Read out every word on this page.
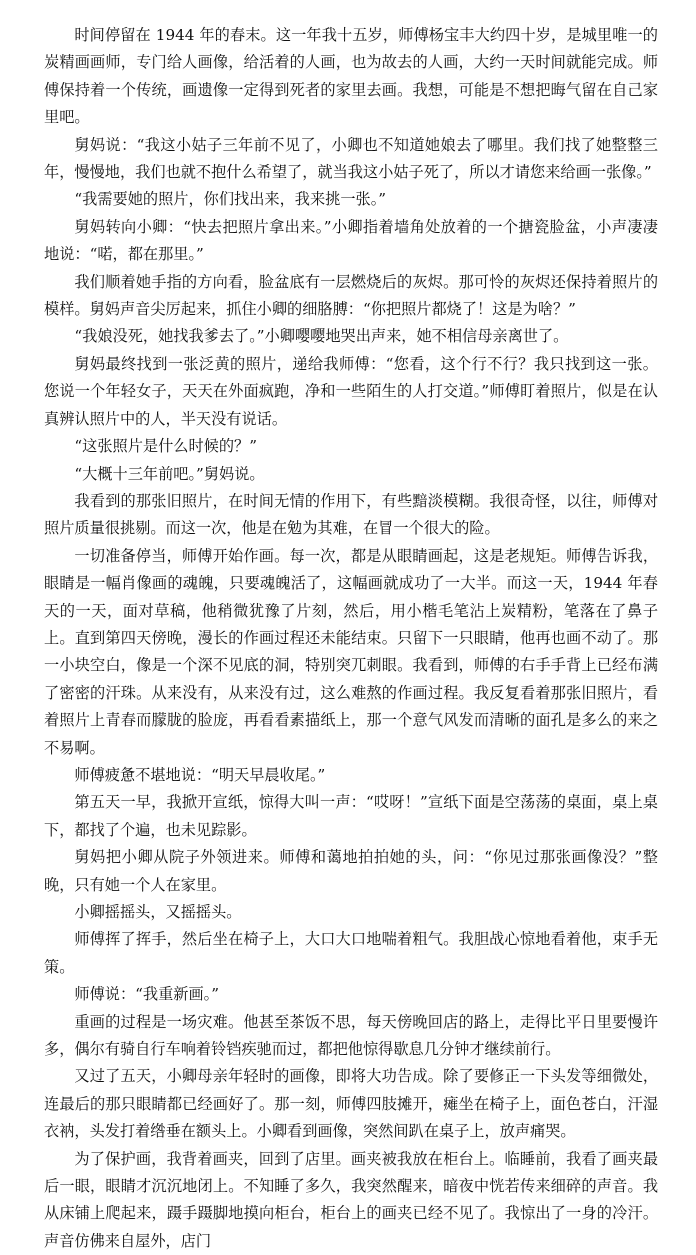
时间停留在 1944 年的春末。这一年我十五岁，师傅杨宝丰大约四十岁，是城里唯一的炭精画画师，专门给人画像，给活着的人画，也为故去的人画，大约一天时间就能完成。师傅保持着一个传统，画遗像一定得到死者的家里去画。我想，可能是不想把晦气留在自己家里吧。

舅妈说：“我这小姑子三年前不见了，小卿也不知道她娘去了哪里。我们找了她整整三年，慢慢地，我们也就不抱什么希望了，就当我这小姑子死了，所以才请您来给画一张像。”

“我需要她的照片，你们找出来，我来挑一张。”

舅妈转向小卿：“快去把照片拿出来。”小卿指着墙角处放着的一个搪瓷脸盆，小声凄凄地说：“喏，都在那里。”

我们顺着她手指的方向看，脸盆底有一层燃烧后的灰烬。那可怜的灰烬还保持着照片的模样。舅妈声音尖厉起来，抓住小卿的细胳膊：“你把照片都烧了！这是为啥？”

“我娘没死，她找我爹去了。”小卿嘤嘤地哭出声来，她不相信母亲离世了。

舅妈最终找到一张泛黄的照片，递给我师傅：“您看，这个行不行？我只找到这一张。您说一个年轻女子，天天在外面疯跑，净和一些陌生的人打交道。”师傅盯着照片，似是在认真辨认照片中的人，半天没有说话。

“这张照片是什么时候的？”

“大概十三年前吧。”舅妈说。

我看到的那张旧照片，在时间无情的作用下，有些黯淡模糊。我很奇怪，以往，师傅对照片质量很挑剔。而这一次，他是在勉为其难，在冒一个很大的险。

一切准备停当，师傅开始作画。每一次，都是从眼睛画起，这是老规矩。师傅告诉我，眼睛是一幅肖像画的魂魄，只要魂魄活了，这幅画就成功了一大半。而这一天，1944 年春天的一天，面对草稿，他稍微犹豫了片刻，然后，用小楷毛笔沾上炭精粉，笔落在了鼻子上。直到第四天傍晚，漫长的作画过程还未能结束。只留下一只眼睛，他再也画不动了。那一小块空白，像是一个深不见底的洞，特别突兀刺眼。我看到，师傅的右手手背上已经布满了密密的汗珠。从来没有，从来没有过，这么难熬的作画过程。我反复看着那张旧照片，看着照片上青春而朦胧的脸庞，再看看素描纸上，那一个意气风发而清晰的面孔是多么的来之不易啊。

师傅疲惫不堪地说：“明天早晨收尾。”

第五天一早，我掀开宣纸，惊得大叫一声：“哎呀！”宣纸下面是空荡荡的桌面，桌上桌下，都找了个遍，也未见踪影。

舅妈把小卿从院子外领进来。师傅和蔼地拍拍她的头，问：“你见过那张画像没？”整晚，只有她一个人在家里。

小卿摇摇头，又摇摇头。

师傅挥了挥手，然后坐在椅子上，大口大口地喘着粗气。我胆战心惊地看着他，束手无策。

师傅说：“我重新画。”

重画的过程是一场灾难。他甚至茶饭不思，每天傍晚回店的路上，走得比平日里要慢许多，偶尔有骑自行车响着铃铛疾驰而过，都把他惊得歇息几分钟才继续前行。

又过了五天，小卿母亲年轻时的画像，即将大功告成。除了要修正一下头发等细微处，连最后的那只眼睛都已经画好了。那一刻，师傅四肢摊开，瘫坐在椅子上，面色苍白，汗湿衣衲，头发打着绺垂在额头上。小卿看到画像，突然间趴在桌子上，放声痛哭。

为了保护画，我背着画夹，回到了店里。画夹被我放在柜台上。临睡前，我看了画夹最后一眼，眼睛才沉沉地闭上。不知睡了多久，我突然醒来，暗夜中恍若传来细碎的声音。我从床铺上爬起来，蹑手蹑脚地摸向柜台，柜台上的画夹已经不见了。我惊出了一身的冷汗。声音仿佛来自屋外，店门
